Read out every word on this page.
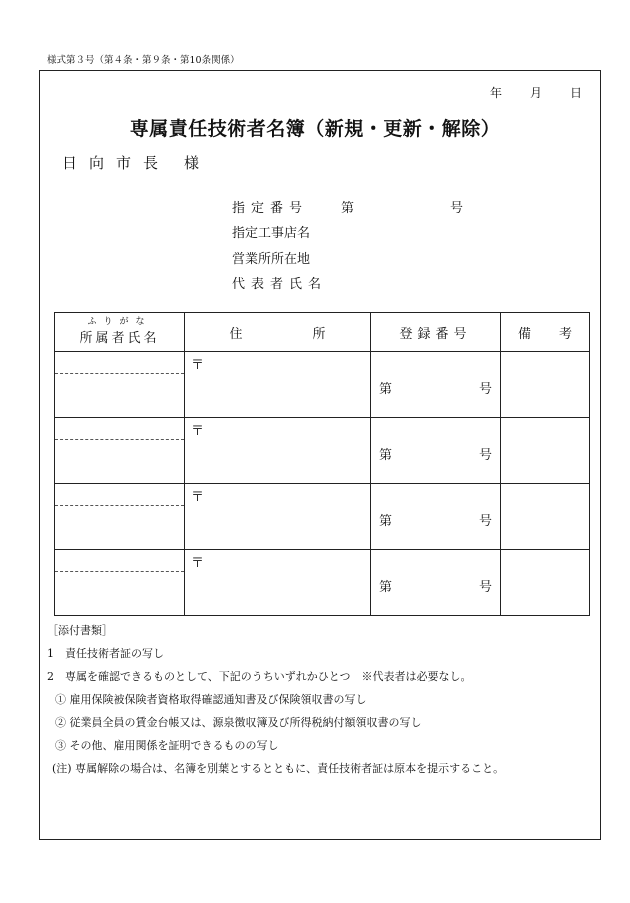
様式第３号（第４条・第９条・第10条関係）
年 月 日
専属責任技術者名簿（新規・更新・解除）
日向市長 様
指定番号	第	号
指定工事店名
営業所所在地
代表者氏名
ふりがな
所属者氏名	住 所	登録番号	備 考

	〒	第 号	

	〒	第 号	

	〒	第 号	

	〒	第 号	

［添付書類］
1　責任技術者証の写し
2　専属を確認できるものとして、下記のうちいずれかひとつ　※代表者は必要なし。
① 雇用保険被保険者資格取得確認通知書及び保険領収書の写し
② 従業員全員の賃金台帳又は、源泉徴収簿及び所得税納付額領収書の写し
③ その他、雇用関係を証明できるものの写し
(注) 専属解除の場合は、名簿を別葉とするとともに、責任技術者証は原本を提示すること。
